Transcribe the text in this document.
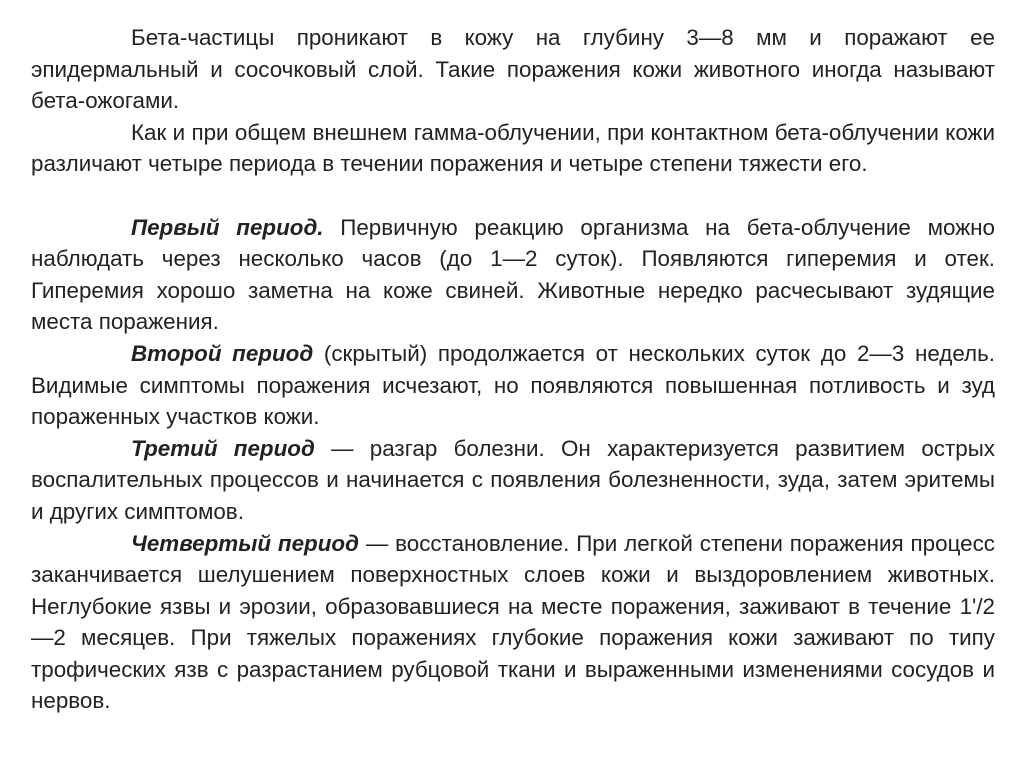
Бета-частицы проникают в кожу на глубину 3—8 мм и поражают ее эпидермальный и сосочковый слой. Такие поражения кожи животного иногда называют бета-ожогами.

Как и при общем внешнем гамма-облучении, при контактном бета-облучении кожи различают четыре периода в течении поражения и четыре степени тяжести его.

Первый период. Первичную реакцию организма на бета-облучение можно наблюдать через несколько часов (до 1—2 суток). Появляются гиперемия и отек. Гиперемия хорошо заметна на коже свиней. Животные нередко расчесывают зудящие места поражения.

Второй период (скрытый) продолжается от нескольких суток до 2—3 недель. Видимые симптомы поражения исчезают, но появляются повышенная потливость и зуд пораженных участков кожи.

Третий период — разгар болезни. Он характеризуется развитием острых воспалительных процессов и начинается с появления болезненности, зуда, затем эритемы и других симптомов.

Четвертый период — восстановление. При легкой степени поражения процесс заканчивается шелушением поверхностных слоев кожи и выздоровлением животных. Неглубокие язвы и эрозии, образовавшиеся на месте поражения, заживают в течение 1'/2—2 месяцев. При тяжелых поражениях глубокие поражения кожи заживают по типу трофических язв с разрастанием рубцовой ткани и выраженными изменениями сосудов и нервов.
